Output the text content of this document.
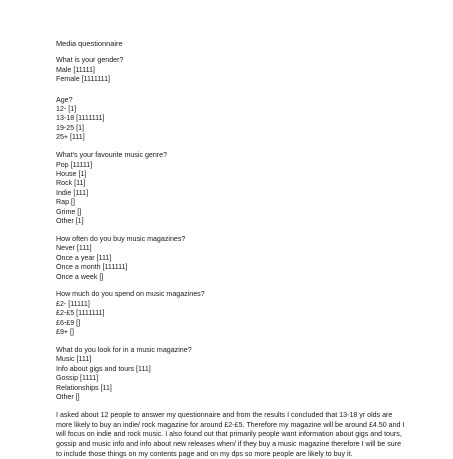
Media questionnaire
What is your gender?
Male [11111]
Female [1111111]
Age?
12- [1]
13-18 [1111111]
19-25 [1]
25+ [111]
What’s your favourite music genre?
Pop [11111]
House [1]
Rock [11]
Indie [111]
Rap []
Grime []
Other [1]
How often do you buy music magazines?
Never [111]
Once a year [111]
Once a month [111111]
Once a week []
How much do you spend on music magazines?
£2- [11111]
£2-£5 [1111111]
£6-£9 []
£9+ []
What do you look for in a music magazine?
Music [111]
Info about gigs and tours [111]
Gossip [1111]
Relationships [11]
Other []
I asked about 12 people to answer my questionnaire and from the results I concluded that 13-18 yr olds are more likely to buy an indie/ rock magazine for around £2-£5. Therefore my magazine will be around £4.50 and I will focus on indie and rock music. I also found out that primarily people want information about gigs and tours, gossip and music info and info about new releases when/ if they buy a music magazine therefore I will be sure to include those things on my contents page and on my dps so more people are likely to buy it.
